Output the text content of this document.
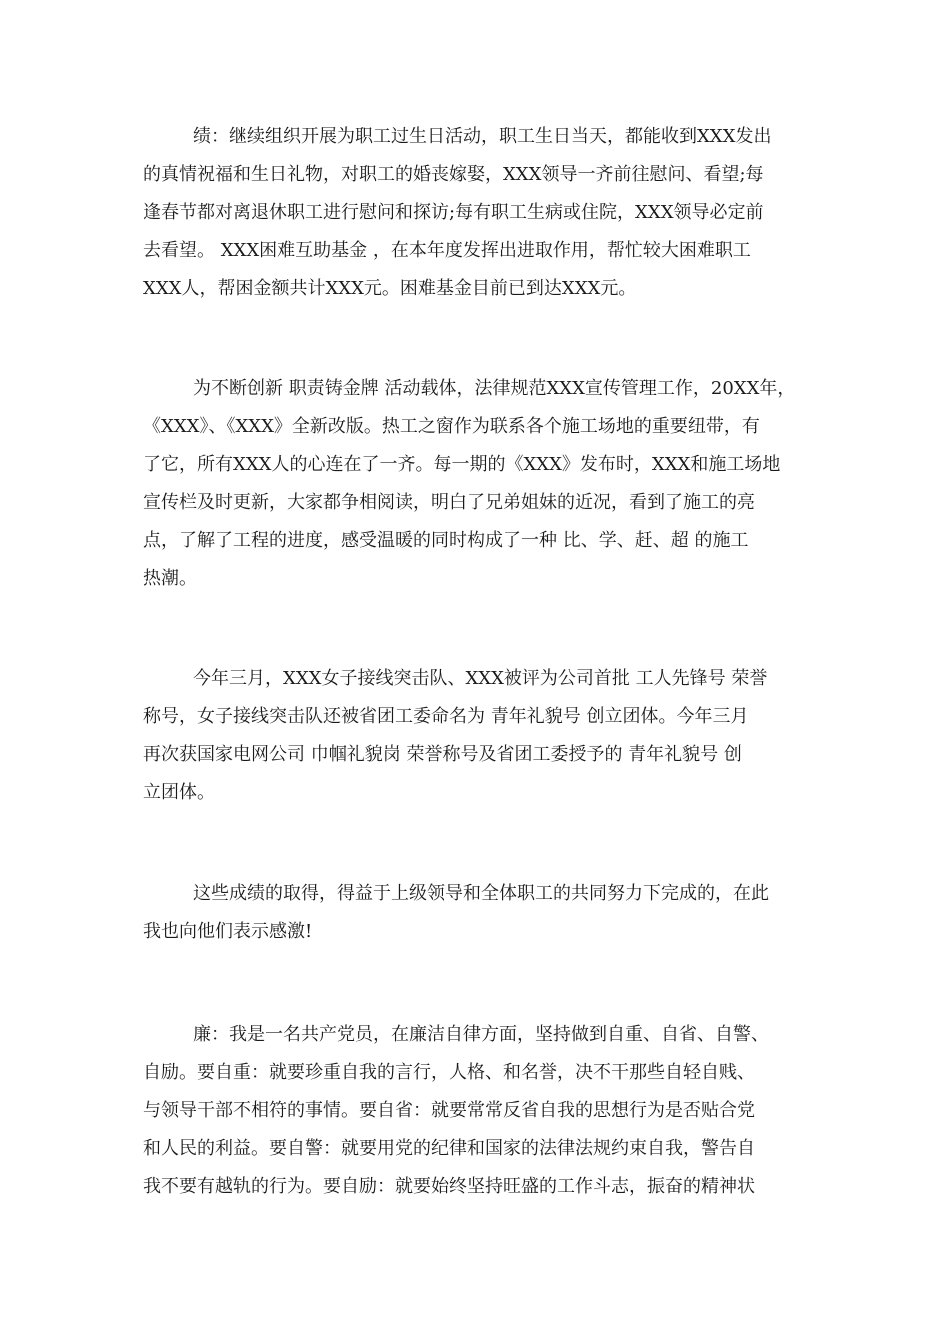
绩：继续组织开展为职工过生日活动，职工生日当天，都能收到XXX发出
的真情祝福和生日礼物，对职工的婚丧嫁娶，XXX领导一齐前往慰问、看望;每
逢春节都对离退休职工进行慰问和探访;每有职工生病或住院，XXX领导必定前
去看望。 XXX困难互助基金 ，在本年度发挥出进取作用，帮忙较大困难职工
XXX人，帮困金额共计XXX元。困难基金目前已到达XXX元。
为不断创新 职责铸金牌 活动载体，法律规范XXX宣传管理工作，20XX年，
《XXX》、《XXX》全新改版。热工之窗作为联系各个施工场地的重要纽带，有
了它，所有XXX人的心连在了一齐。每一期的《XXX》发布时，XXX和施工场地
宣传栏及时更新，大家都争相阅读，明白了兄弟姐妹的近况，看到了施工的亮
点，了解了工程的进度，感受温暖的同时构成了一种 比、学、赶、超 的施工
热潮。
今年三月，XXX女子接线突击队、XXX被评为公司首批 工人先锋号 荣誉
称号，女子接线突击队还被省团工委命名为 青年礼貌号 创立团体。今年三月
再次获国家电网公司 巾帼礼貌岗 荣誉称号及省团工委授予的 青年礼貌号 创
立团体。
这些成绩的取得，得益于上级领导和全体职工的共同努力下完成的，在此
我也向他们表示感激!
廉：我是一名共产党员，在廉洁自律方面，坚持做到自重、自省、自警、
自励。要自重：就要珍重自我的言行，人格、和名誉，决不干那些自轻自贱、
与领导干部不相符的事情。要自省：就要常常反省自我的思想行为是否贴合党
和人民的利益。要自警：就要用党的纪律和国家的法律法规约束自我，警告自
我不要有越轨的行为。要自励：就要始终坚持旺盛的工作斗志，振奋的精神状
